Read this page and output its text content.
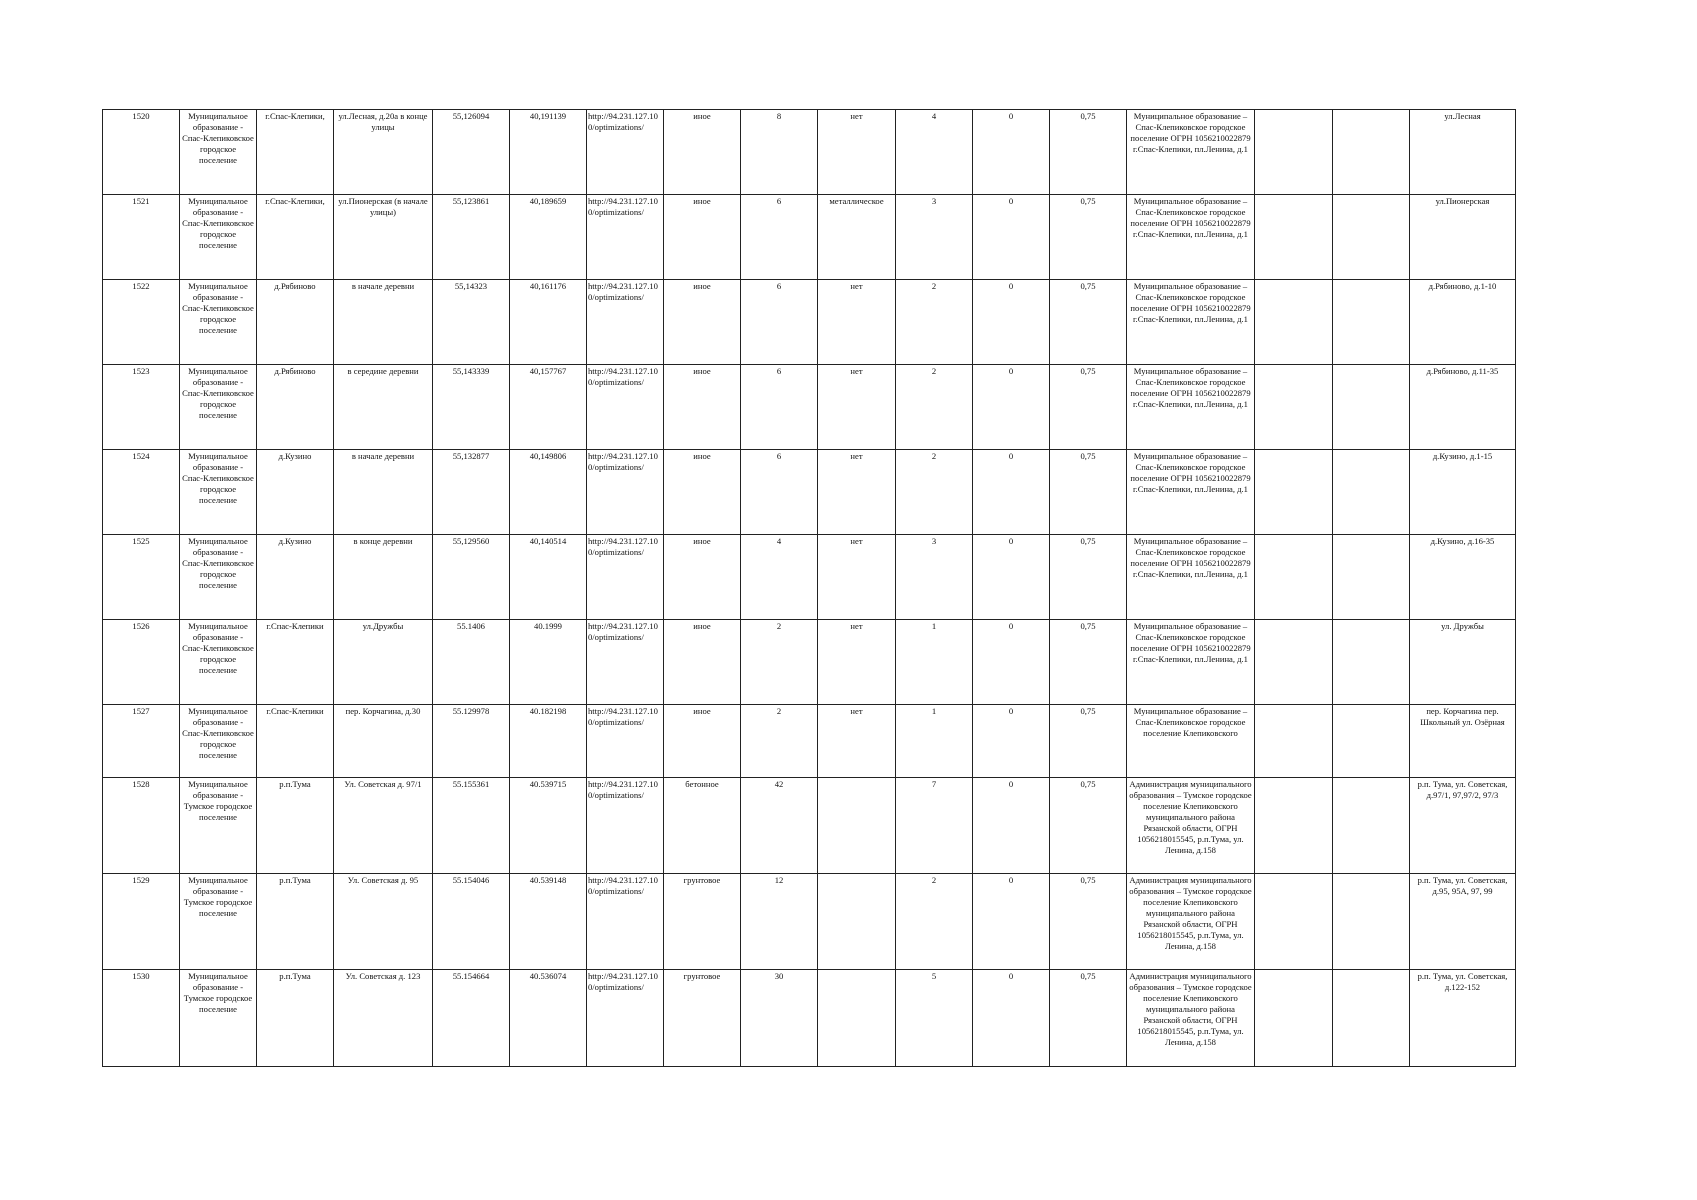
1520	Муниципальное образование - Спас-Клепиковское городское поселение	г.Спас-Клепики,	ул.Лесная, д.20а в конце улицы	55,126094	40,191139	http://94.231.127.100/optimizations/	иное	8	нет	4	0	0,75	Муниципальное образование – Спас-Клепиковское городское поселение ОГРН 1056210022879 г.Спас-Клепики, пл.Ленина, д.1			ул.Лесная
1521	Муниципальное образование - Спас-Клепиковское городское поселение	г.Спас-Клепики,	ул.Пионерская (в начале улицы)	55,123861	40,189659	http://94.231.127.100/optimizations/	иное	6	металлическое	3	0	0,75	Муниципальное образование – Спас-Клепиковское городское поселение ОГРН 1056210022879 г.Спас-Клепики, пл.Ленина, д.1			ул.Пионерская
1522	Муниципальное образование - Спас-Клепиковское городское поселение	д.Рябиновo	в начале деревни	55,14323	40,161176	http://94.231.127.100/optimizations/	иное	6	нет	2	0	0,75	Муниципальное образование – Спас-Клепиковское городское поселение ОГРН 1056210022879 г.Спас-Клепики, пл.Ленина, д.1			д.Рябиново, д.1-10
1523	Муниципальное образование - Спас-Клепиковское городское поселение	д.Рябиново	в середине деревни	55,143339	40,157767	http://94.231.127.100/optimizations/	иное	6	нет	2	0	0,75	Муниципальное образование – Спас-Клепиковское городское поселение ОГРН 1056210022879 г.Спас-Клепики, пл.Ленина, д.1			д.Рябиново, д.11-35
1524	Муниципальное образование - Спас-Клепиковское городское поселение	д.Кузино	в начале деревни	55,132877	40,149806	http://94.231.127.100/optimizations/	иное	6	нет	2	0	0,75	Муниципальное образование – Спас-Клепиковское городское поселение ОГРН 1056210022879 г.Спас-Клепики, пл.Ленина, д.1			д.Кузино, д.1-15
1525	Муниципальное образование - Спас-Клепиковское городское поселение	д.Кузино	в конце деревни	55,129560	40,140514	http://94.231.127.100/optimizations/	иное	4	нет	3	0	0,75	Муниципальное образование – Спас-Клепиковское городское поселение ОГРН 1056210022879 г.Спас-Клепики, пл.Ленина, д.1			д.Кузино, д.16-35
1526	Муниципальное образование - Спас-Клепиковское городское поселение	г.Спас-Клепики	ул.Дружбы	55.1406	40.1999	http://94.231.127.100/optimizations/	иное	2	нет	1	0	0,75	Муниципальное образование – Спас-Клепиковское городское поселение ОГРН 1056210022879 г.Спас-Клепики, пл.Ленина, д.1			ул. Дружбы
1527	Муниципальное образование - Спас-Клепиковское городское поселение	г.Спас-Клепики	пер. Корчагина, д.30	55.129978	40.182198	http://94.231.127.100/optimizations/	иное	2	нет	1	0	0,75	Муниципальное образование – Спас-Клепиковское городское поселение Клепиковского			пер. Корчагина пер. Школьный ул. Озёрная
1528	Муниципальное образование - Тумское городское поселение	р.п.Тума	Ул. Советская д. 97/1	55.155361	40.539715	http://94.231.127.100/optimizations/	бетонное	42		7	0	0,75	Администрация муниципального образования – Тумское городское поселение Клепиковского муниципального района Рязанской области, ОГРН 1056218015545, р.п.Тума, ул. Ленина, д.158			р.п. Тума, ул. Советская, д.97/1, 97,97/2, 97/3
1529	Муниципальное образование - Тумское городское поселение	р.п.Тума	Ул. Советская д. 95	55.154046	40.539148	http://94.231.127.100/optimizations/	грунтовое	12		2	0	0,75	Администрация муниципального образования – Тумское городское поселение Клепиковского муниципального района Рязанской области, ОГРН 1056218015545, р.п.Тума, ул. Ленина, д.158			р.п. Тума, ул. Советская, д.95, 95А, 97, 99
1530	Муниципальное образование - Тумское городское поселение	р.п.Тума	Ул. Советская д. 123	55.154664	40.536074	http://94.231.127.100/optimizations/	грунтовое	30		5	0	0,75	Администрация муниципального образования – Тумское городское поселение Клепиковского муниципального района Рязанской области, ОГРН 1056218015545, р.п.Тума, ул. Ленина, д.158			р.п. Тума, ул. Советская, д.122-152
